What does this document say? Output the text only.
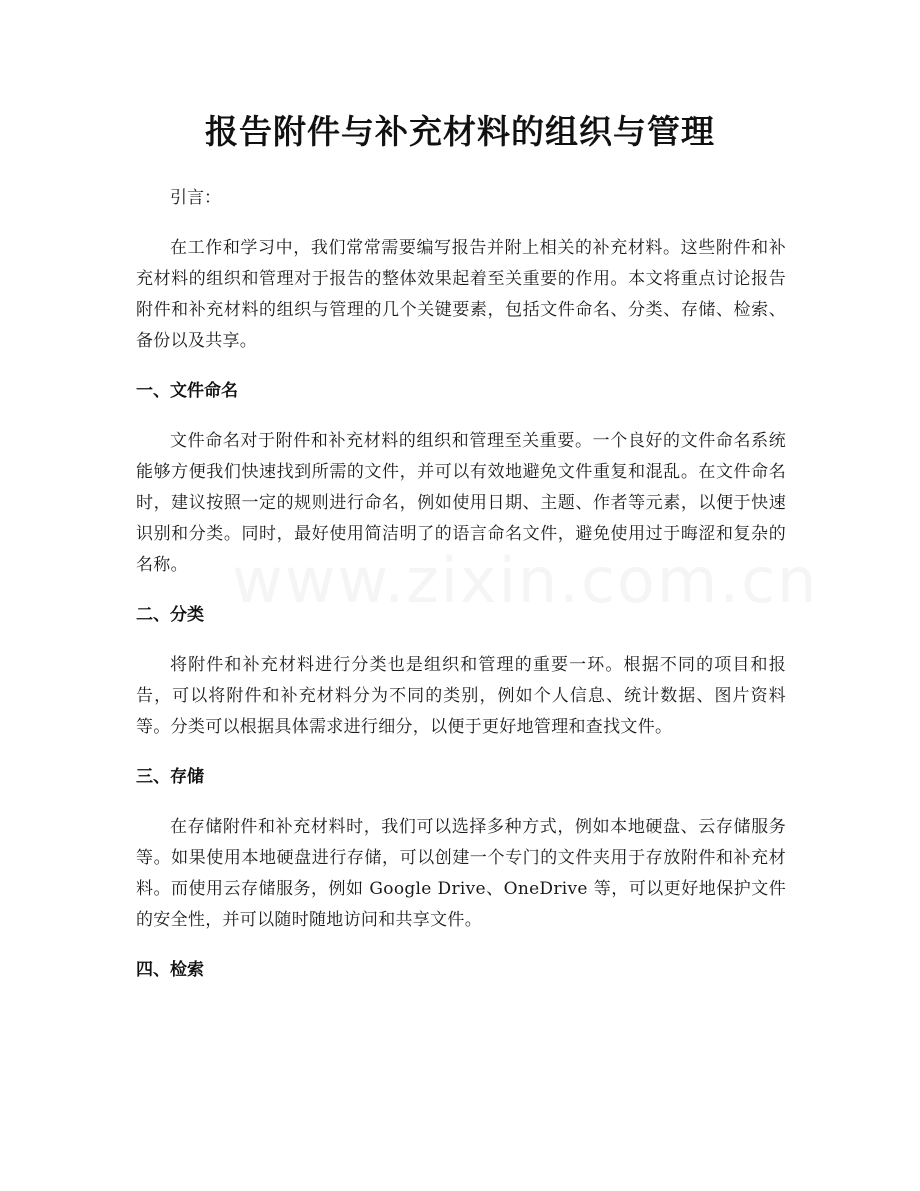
报告附件与补充材料的组织与管理

引言：

在工作和学习中，我们常常需要编写报告并附上相关的补充材料。这些附件和补充材料的组织和管理对于报告的整体效果起着至关重要的作用。本文将重点讨论报告附件和补充材料的组织与管理的几个关键要素，包括文件命名、分类、存储、检索、备份以及共享。

一、文件命名

文件命名对于附件和补充材料的组织和管理至关重要。一个良好的文件命名系统能够方便我们快速找到所需的文件，并可以有效地避免文件重复和混乱。在文件命名时，建议按照一定的规则进行命名，例如使用日期、主题、作者等元素，以便于快速识别和分类。同时，最好使用简洁明了的语言命名文件，避免使用过于晦涩和复杂的名称。

二、分类

将附件和补充材料进行分类也是组织和管理的重要一环。根据不同的项目和报告，可以将附件和补充材料分为不同的类别，例如个人信息、统计数据、图片资料等。分类可以根据具体需求进行细分，以便于更好地管理和查找文件。

三、存储

在存储附件和补充材料时，我们可以选择多种方式，例如本地硬盘、云存储服务等。如果使用本地硬盘进行存储，可以创建一个专门的文件夹用于存放附件和补充材料。而使用云存储服务，例如 Google Drive、OneDrive 等，可以更好地保护文件的安全性，并可以随时随地访问和共享文件。

四、检索

www.zixin.com.cn
